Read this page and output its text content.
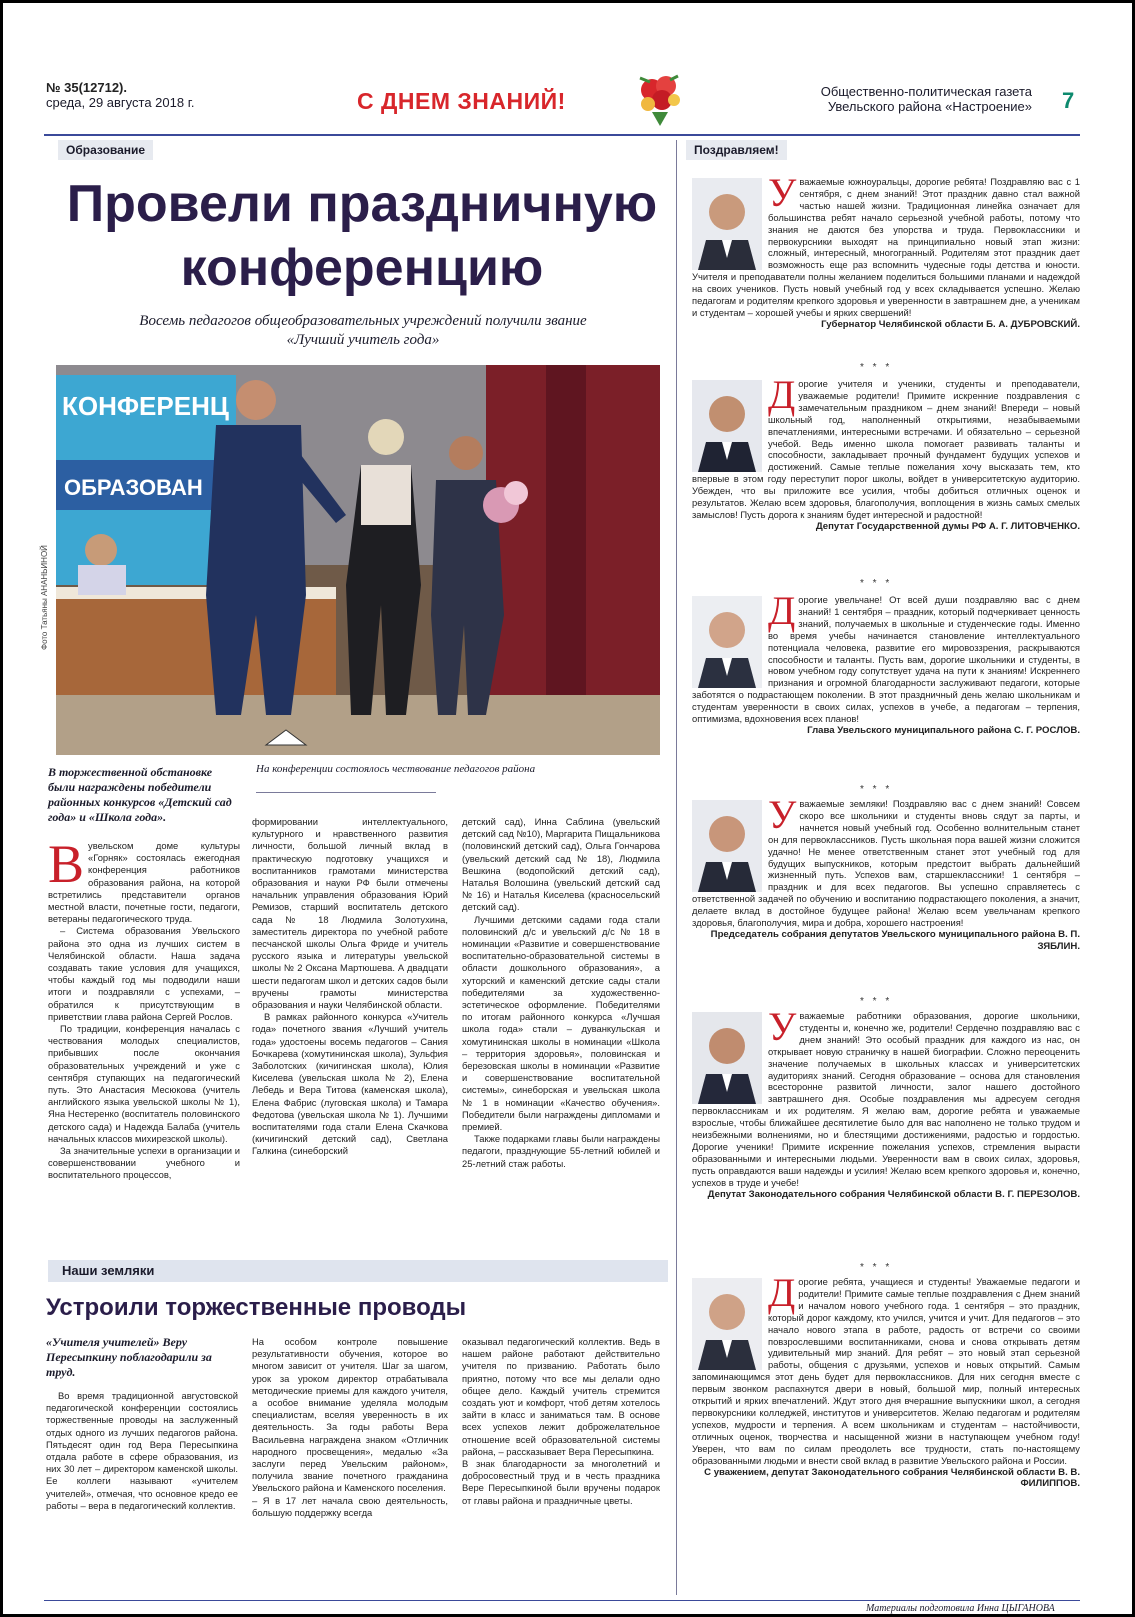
№ 35(12712).
среда, 29 августа 2018 г.	С ДНЕМ ЗНАНИЙ!	Общественно-политическая газета
Увельского района «Настроение» 7
Образование	Поздравляем!
Провели праздничную
конференцию
Восемь педагогов общеобразовательных учреждений получили звание
«Лучший учитель года»
КОНФЕРЕНЦ
ОБРАЗОВАН
Фото Татьяны АНАНЬИНОЙ
В торжественной обстановке были награждены победители районных конкурсов «Детский сад года» и «Школа года».
На конференции состоялось чествование педагогов района
В увельском доме культуры «Горняк» состоялась ежегодная конференция работников образования района, на которой встретились представители органов местной власти, почетные гости, педагоги, ветераны педагогического труда.

– Система образования Увельского района это одна из лучших систем в Челябинской области. Наша задача создавать такие условия для учащихся, чтобы каждый год мы подводили наши итоги и поздравляли с успехами, – обратился к присутствующим в приветствии глава района Сергей Рослов.

По традиции, конференция началась с чествования молодых специалистов, прибывших после окончания образовательных учреждений и уже с сентября ступающих на педагогический путь. Это Анастасия Месюкова (учитель английского языка увельской школы № 1), Яна Нестеренко (воспитатель половинского детского сада) и Надежда Балаба (учитель начальных классов михирезской школы).

За значительные успехи в организации и совершенствовании учебного и воспитательного процессов,

формировании интеллектуального, культурного и нравственного развития личности, большой личный вклад в практическую подготовку учащихся и воспитанников грамотами министерства образования и науки РФ были отмечены начальник управления образования Юрий Ремизов, старший воспитатель детского сада № 18 Людмила Золотухина, заместитель директора по учебной работе песчанской школы Ольга Фриде и учитель русского языка и литературы увельской школы № 2 Оксана Мартюшева. А двадцати шести педагогам школ и детских садов были вручены грамоты министерства образования и науки Челябинской области.

В рамках районного конкурса «Учитель года» почетного звания «Лучший учитель года» удостоены восемь педагогов – Сания Бочкарева (хомутининская школа), Зульфия Заболотских (кичигинская школа), Юлия Киселева (увельская школа № 2), Елена Лебедь и Вера Титова (каменская школа), Елена Фабрис (луговская школа) и Тамара Федотова (увельская школа № 1). Лучшими воспитателями года стали Елена Скачкова (кичигинский детский сад), Светлана Галкина (синеборский

детский сад), Инна Саблина (увельский детский сад №10), Маргарита Пищальникова (половинский детский сад), Ольга Гончарова (увельский детский сад № 18), Людмила Вешкина (водопойский детский сад), Наталья Волошина (увельский детский сад № 16) и Наталья Киселева (красносельский детский сад).

Лучшими детскими садами года стали половинский д/с и увельский д/с № 18 в номинации «Развитие и совершенствование воспитательно-образовательной системы в области дошкольного образования», а хуторский и каменский детские сады стали победителями за художественно-эстетическое оформление. Победителями по итогам районного конкурса «Лучшая школа года» стали – дуванкульская и хомутининская школы в номинации «Школа – территория здоровья», половинская и березовская школы в номинации «Развитие и совершенствование воспитательной системы», синеборская и увельская школа № 1 в номинации «Качество обучения». Победители были награждены дипломами и премией.

Также подарками главы были награждены педагоги, празднующие 55-летний юбилей и 25-летний стаж работы.

Наши земляки
Устроили торжественные проводы
«Учителя учителей» Веру Пересыпкину поблагодарили за труд.

Во время традиционной августовской педагогической конференции состоялись торжественные проводы на заслуженный отдых одного из лучших педагогов района. Пятьдесят один год Вера Пересыпкина отдала работе в сфере образования, из них 30 лет – директором каменской школы. Ее коллеги называют «учителем учителей», отмечая, что основное кредо ее работы – вера в педагогический коллектив.

На особом контроле повышение результативности обучения, которое во многом зависит от учителя. Шаг за шагом, урок за уроком директор отрабатывала методические приемы для каждого учителя, а особое внимание уделяла молодым специалистам, вселяя уверенность в их деятельность. За годы работы Вера Васильевна награждена знаком «Отличник народного просвещения», медалью «За заслуги перед Увельским районом», получила звание почетного гражданина Увельского района и Каменского поселения.
– Я в 17 лет начала свою деятельность, большую поддержку всегда
оказывал педагогический коллектив. Ведь в нашем районе работают действительно учителя по призванию. Работать было приятно, потому что все мы делали одно общее дело. Каждый учитель стремится создать уют и комфорт, чтоб детям хотелось зайти в класс и заниматься там. В основе всех успехов лежит доброжелательное отношение всей образовательной системы района, – рассказывает Вера Пересыпкина.
В знак благодарности за многолетний и добросовестный труд и в честь праздника Вере Пересыпкиной были вручены подарок от главы района и праздничные цветы.
У важаемые южноуральцы, дорогие ребята! Поздравляю вас с 1 сентября, с днем знаний! Этот праздник давно стал важной частью нашей жизни. Традиционная линейка означает для большинства ребят начало серьезной учебной работы, потому что знания не даются без упорства и труда. Первоклассники и первокурсники выходят на принципиально новый этап жизни: сложный, интересный, многогранный. Родителям этот праздник дает возможность еще раз вспомнить чудесные годы детства и юности. Учителя и преподаватели полны желанием поделиться большими планами и надеждой на своих учеников. Пусть новый учебный год у всех складывается успешно. Желаю педагогам и родителям крепкого здоровья и уверенности в завтрашнем дне, а ученикам и студентам – хорошей учебы и ярких свершений!
Губернатор Челябинской области Б. А. ДУБРОВСКИЙ.
* * *
Д орогие учителя и ученики, студенты и преподаватели, уважаемые родители! Примите искренние поздравления с замечательным праздником – днем знаний! Впереди – новый школьный год, наполненный открытиями, незабываемыми впечатлениями, интересными встречами. И обязательно – серьезной учебой. Ведь именно школа помогает развивать таланты и способности, закладывает прочный фундамент будущих успехов и достижений. Самые теплые пожелания хочу высказать тем, кто впервые в этом году переступит порог школы, войдет в университетскую аудиторию. Убежден, что вы приложите все усилия, чтобы добиться отличных оценок и результатов. Желаю всем здоровья, благополучия, воплощения в жизнь самых смелых замыслов! Пусть дорога к знаниям будет интересной и радостной!
Депутат Государственной думы РФ А. Г. ЛИТОВЧЕНКО.
* * *
Д орогие увельчане! От всей души поздравляю вас с днем знаний! 1 сентября – праздник, который подчеркивает ценность знаний, получаемых в школьные и студенческие годы. Именно во время учебы начинается становление интеллектуального потенциала человека, развитие его мировоззрения, раскрываются способности и таланты. Пусть вам, дорогие школьники и студенты, в новом учебном году сопутствует удача на пути к знаниям! Искреннего признания и огромной благодарности заслуживают педагоги, которые заботятся о подрастающем поколении. В этот праздничный день желаю школьникам и студентам уверенности в своих силах, успехов в учебе, а педагогам – терпения, оптимизма, вдохновения всех планов!
Глава Увельского муниципального района С. Г. РОСЛОВ.
* * *
У важаемые земляки! Поздравляю вас с днем знаний! Совсем скоро все школьники и студенты вновь сядут за парты, и начнется новый учебный год. Особенно волнительным станет он для первоклассников. Пусть школьная пора вашей жизни сложится удачно! Не менее ответственным станет этот учебный год для будущих выпускников, которым предстоит выбрать дальнейший жизненный путь. Успехов вам, старшеклассники! 1 сентября – праздник и для всех педагогов. Вы успешно справляетесь с ответственной задачей по обучению и воспитанию подрастающего поколения, а значит, делаете вклад в достойное будущее района! Желаю всем увельчанам крепкого здоровья, благополучия, мира и добра, хорошего настроения!
Председатель собрания депутатов Увельского муниципального района В. П. ЗЯБЛИН.
* * *
У важаемые работники образования, дорогие школьники, студенты и, конечно же, родители! Сердечно поздравляю вас с днем знаний! Это особый праздник для каждого из нас, он открывает новую страничку в нашей биографии. Сложно переоценить значение получаемых в школьных классах и университетских аудиториях знаний. Сегодня образование – основа для становления всесторонне развитой личности, залог нашего достойного завтрашнего дня. Особые поздравления мы адресуем сегодня первоклассникам и их родителям. Я желаю вам, дорогие ребята и уважаемые взрослые, чтобы ближайшее десятилетие было для вас наполнено не только трудом и неизбежными волнениями, но и блестящими достижениями, радостью и гордостью. Дорогие ученики! Примите искренние пожелания успехов, стремления вырасти образованными и интересными людьми. Уверенности вам в своих силах, здоровья, пусть оправдаются ваши надежды и усилия! Желаю всем крепкого здоровья и, конечно, успехов в труде и учебе!
Депутат Законодательного собрания Челябинской области В. Г. ПЕРЕЗОЛОВ.
* * *
Д орогие ребята, учащиеся и студенты! Уважаемые педагоги и родители! Примите самые теплые поздравления с Днем знаний и началом нового учебного года. 1 сентября – это праздник, который дорог каждому, кто учился, учится и учит. Для педагогов – это начало нового этапа в работе, радость от встречи со своими повзрослевшими воспитанниками, снова и снова открывать детям удивительный мир знаний. Для ребят – это новый этап серьезной работы, общения с друзьями, успехов и новых открытий. Самым запоминающимся этот день будет для первоклассников. Для них сегодня вместе с первым звонком распахнутся двери в новый, большой мир, полный интересных открытий и ярких впечатлений. Ждут этого дня вчерашние выпускники школ, а сегодня первокурсники колледжей, институтов и университетов. Желаю педагогам и родителям успехов, мудрости и терпения. А всем школьникам и студентам – настойчивости, отличных оценок, творчества и насыщенной жизни в наступающем учебном году! Уверен, что вам по силам преодолеть все трудности, стать по-настоящему образованными людьми и внести свой вклад в развитие Увельского района и России.
С уважением, депутат Законодательного собрания Челябинской области В. В. ФИЛИППОВ.
Материалы подготовила Инна ЦЫГАНОВА
